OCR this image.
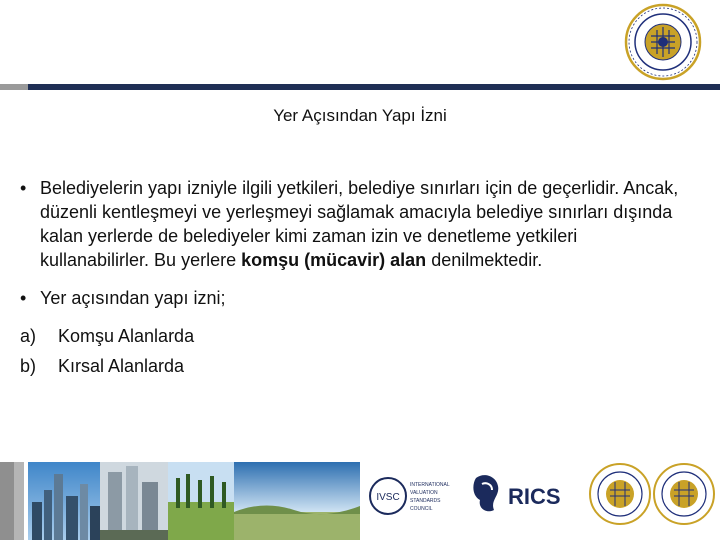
Yer Açısından Yapı İzni
• Belediyelerin yapı izniyle ilgili yetkileri, belediye sınırları için de geçerlidir. Ancak, düzenli kentleşmeyi ve yerleşmeyi sağlamak amacıyla belediye sınırları dışında kalan yerlerde de belediyeler kimi zaman izin ve denetleme yetkileri kullanabilirler. Bu yerlere komşu (mücavir) alan denilmektedir.
• Yer açısından yapı izni;
a) Komşu Alanlarda
b) Kırsal Alanlarda
IVSC
INTERNATIONAL
VALUATION
STANDARDS
COUNCIL	RICS
